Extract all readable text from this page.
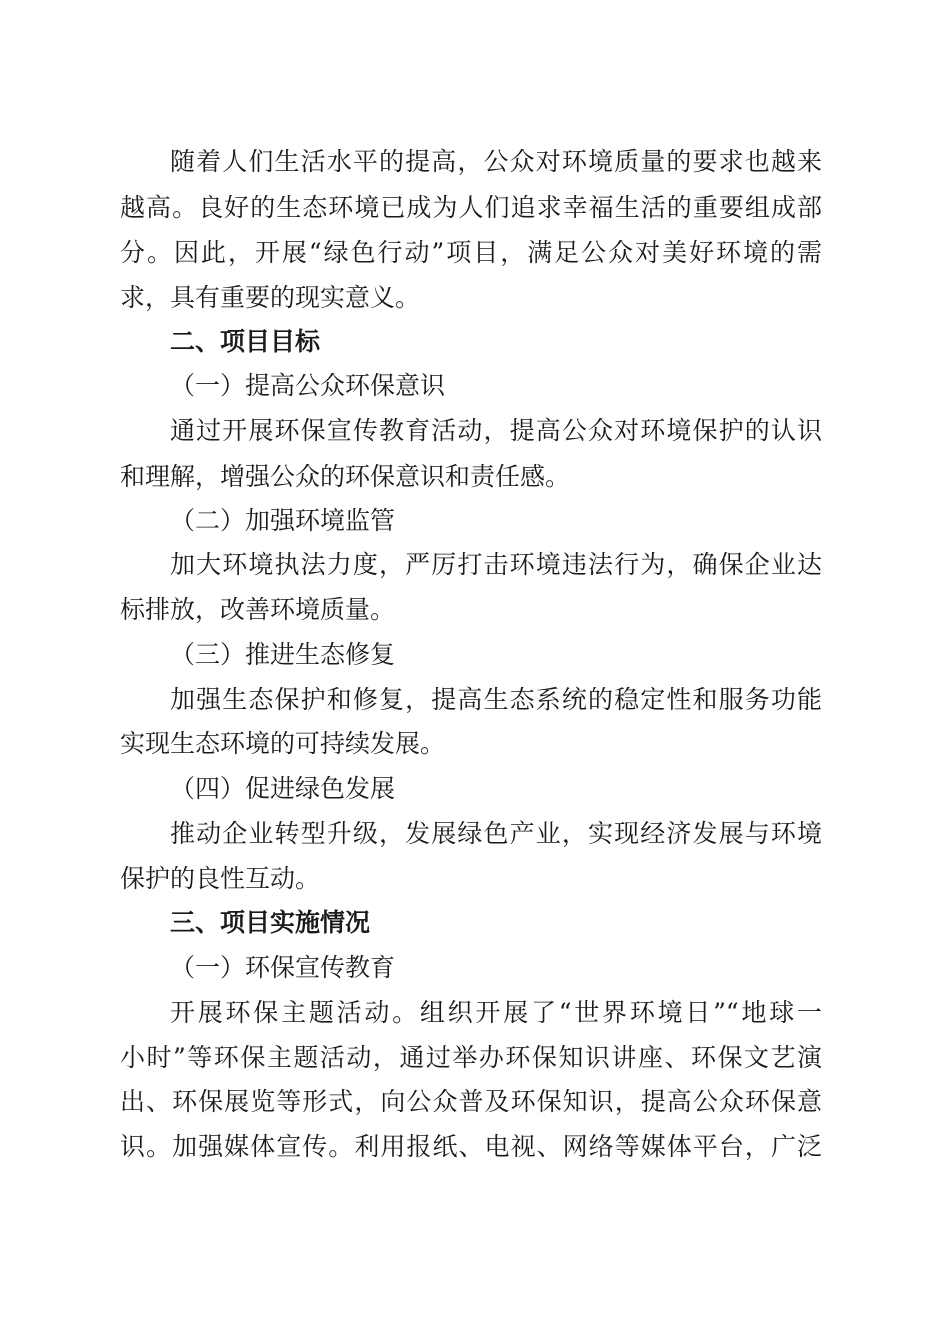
随着人们生活水平的提高，公众对环境质量的要求也越来
越高。良好的生态环境已成为人们追求幸福生活的重要组成部
分。因此，开展“绿色行动”项目，满足公众对美好环境的需
求，具有重要的现实意义。
二、项目目标
（一）提高公众环保意识
通过开展环保宣传教育活动，提高公众对环境保护的认识
和理解，增强公众的环保意识和责任感。
（二）加强环境监管
加大环境执法力度，严厉打击环境违法行为，确保企业达
标排放，改善环境质量。
（三）推进生态修复
加强生态保护和修复，提高生态系统的稳定性和服务功能
实现生态环境的可持续发展。
（四）促进绿色发展
推动企业转型升级，发展绿色产业，实现经济发展与环境
保护的良性互动。
三、项目实施情况
（一）环保宣传教育
开展环保主题活动。组织开展了“世界环境日”“地球一
小时”等环保主题活动，通过举办环保知识讲座、环保文艺演
出、环保展览等形式，向公众普及环保知识，提高公众环保意
识。加强媒体宣传。利用报纸、电视、网络等媒体平台，广泛
